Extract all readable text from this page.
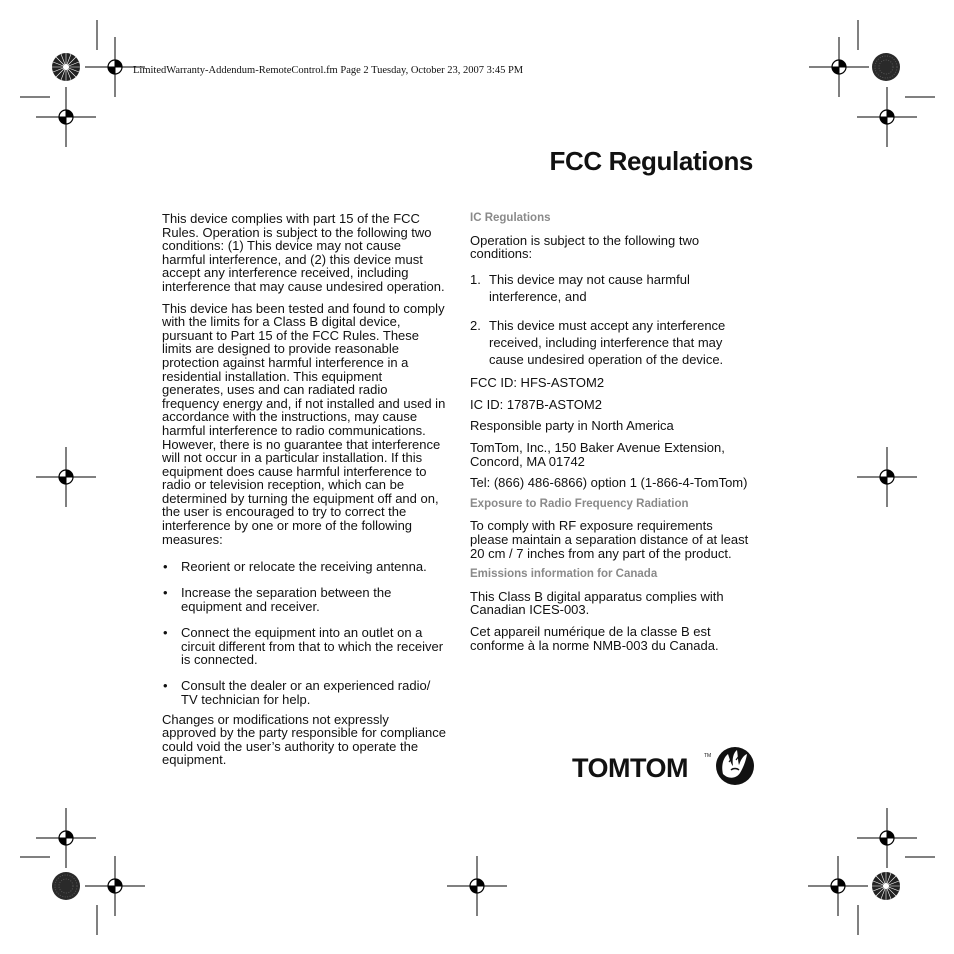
LimitedWarranty-Addendum-RemoteControl.fm Page 2 Tuesday, October 23, 2007 3:45 PM
FCC Regulations

This device complies with part 15 of the FCC Rules. Operation is subject to the following two conditions: (1) This device may not cause harmful interference, and (2) this device must accept any interference received, including interference that may cause undesired operation.

This device has been tested and found to comply with the limits for a Class B digital device, pursuant to Part 15 of the FCC Rules. These limits are designed to provide reasonable protection against harmful interference in a residential installation. This equipment generates, uses and can radiated radio frequency energy and, if not installed and used in accordance with the instructions, may cause harmful interference to radio communications. However, there is no guarantee that interference will not occur in a particular installation. If this equipment does cause harmful interference to radio or television reception, which can be determined by turning the equipment off and on, the user is encouraged to try to correct the interference by one or more of the following measures:

• Reorient or relocate the receiving antenna.
• Increase the separation between the equipment and receiver.
• Connect the equipment into an outlet on a circuit different from that to which the receiver is connected.
• Consult the dealer or an experienced radio/ TV technician for help.

Changes or modifications not expressly approved by the party responsible for compliance could void the user’s authority to operate the equipment.

IC Regulations

Operation is subject to the following two conditions:

1. This device may not cause harmful interference, and
2. This device must accept any interference received, including interference that may cause undesired operation of the device.

FCC ID: HFS-ASTOM2

IC ID: 1787B-ASTOM2

Responsible party in North America

TomTom, Inc., 150 Baker Avenue Extension, Concord, MA 01742

Tel: (866) 486-6866) option 1 (1-866-4-TomTom)

Exposure to Radio Frequency Radiation

To comply with RF exposure requirements please maintain a separation distance of at least 20 cm / 7 inches from any part of the product.

Emissions information for Canada

This Class B digital apparatus complies with Canadian ICES-003.

Cet appareil numérique de la classe B est conforme à la norme NMB-003 du Canada.

TOMTOM	TM
